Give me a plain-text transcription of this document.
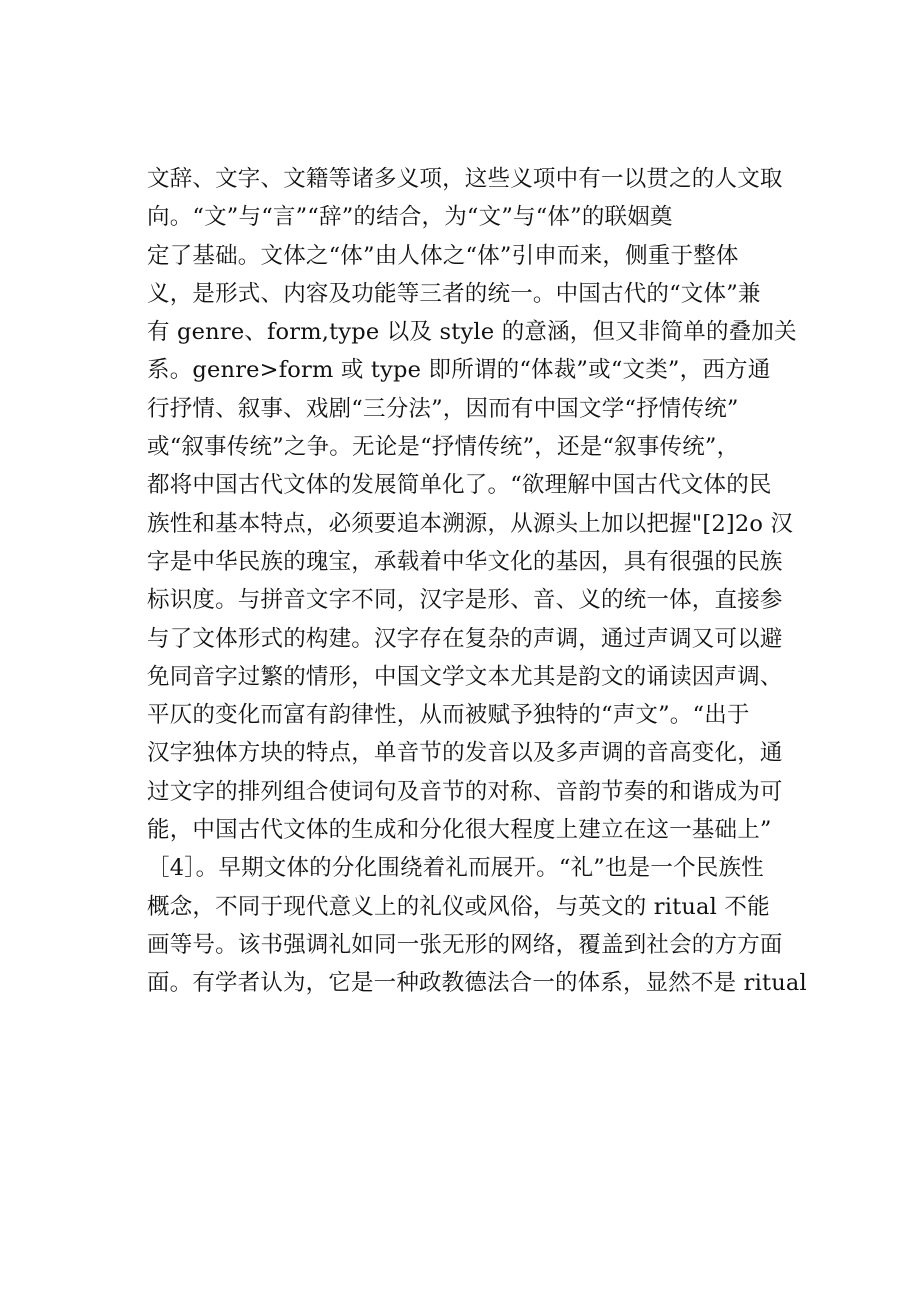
文辞、文字、文籍等诸多义项，这些义项中有一以贯之的人文取
向。“文”与“言”“辞”的结合，为“文”与“体”的联姻奠
定了基础。文体之“体”由人体之“体”引申而来，侧重于整体
义，是形式、内容及功能等三者的统一。中国古代的“文体”兼
有 genre、form,type 以及 style 的意涵，但又非简单的叠加关
系。genre>form 或 type 即所谓的“体裁”或“文类”，西方通
行抒情、叙事、戏剧“三分法”，因而有中国文学“抒情传统”
或“叙事传统”之争。无论是“抒情传统”，还是“叙事传统”，
都将中国古代文体的发展简单化了。“欲理解中国古代文体的民
族性和基本特点，必须要追本溯源，从源头上加以把握"[2]2o 汉
字是中华民族的瑰宝，承载着中华文化的基因，具有很强的民族
标识度。与拼音文字不同，汉字是形、音、义的统一体，直接参
与了文体形式的构建。汉字存在复杂的声调，通过声调又可以避
免同音字过繁的情形，中国文学文本尤其是韵文的诵读因声调、
平仄的变化而富有韵律性，从而被赋予独特的“声文”。“出于
汉字独体方块的特点，单音节的发音以及多声调的音高变化，通
过文字的排列组合使词句及音节的对称、音韵节奏的和谐成为可
能，中国古代文体的生成和分化很大程度上建立在这一基础上”
［4］。早期文体的分化围绕着礼而展开。“礼”也是一个民族性
概念，不同于现代意义上的礼仪或风俗，与英文的 ritual 不能
画等号。该书强调礼如同一张无形的网络，覆盖到社会的方方面
面。有学者认为，它是一种政教德法合一的体系，显然不是 ritual
